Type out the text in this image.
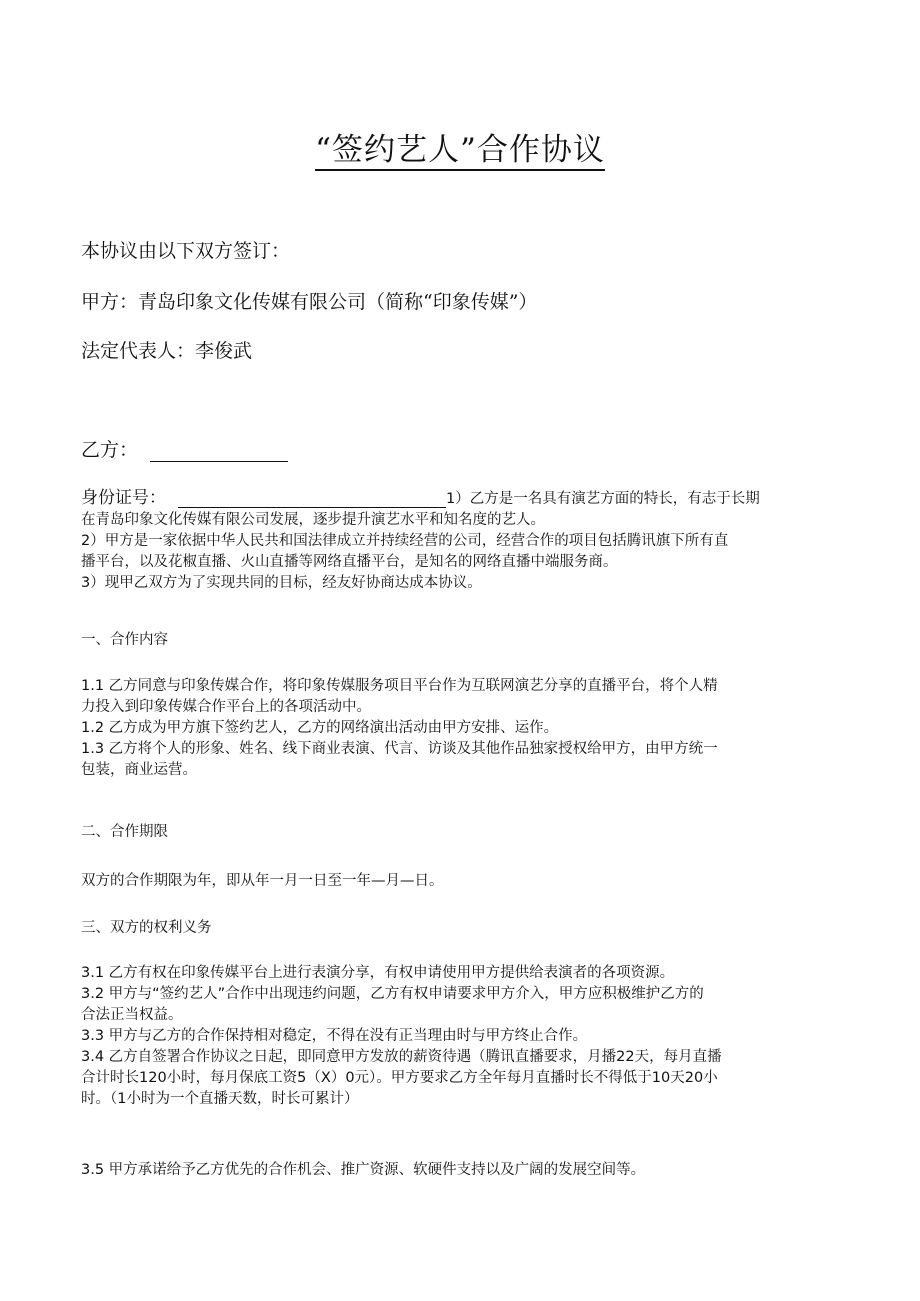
“签约艺人”合作协议
本协议由以下双方签订：
甲方：青岛印象文化传媒有限公司（简称“印象传媒”）
法定代表人：李俊武
乙方：
身份证号：	1）乙方是一名具有演艺方面的特长，有志于长期
在青岛印象文化传媒有限公司发展，逐步提升演艺水平和知名度的艺人。
2）甲方是一家依据中华人民共和国法律成立并持续经营的公司，经营合作的项目包括腾讯旗下所有直
播平台，以及花椒直播、火山直播等网络直播平台，是知名的网络直播中端服务商。
3）现甲乙双方为了实现共同的目标，经友好协商达成本协议。
一、合作内容
1.1 乙方同意与印象传媒合作，将印象传媒服务项目平台作为互联网演艺分享的直播平台，将个人精
力投入到印象传媒合作平台上的各项活动中。
1.2 乙方成为甲方旗下签约艺人，乙方的网络演出活动由甲方安排、运作。
1.3 乙方将个人的形象、姓名、线下商业表演、代言、访谈及其他作品独家授权给甲方，由甲方统一
包装，商业运营。
二、合作期限
双方的合作期限为年，即从年一月一日至一年—月—日。
三、双方的权利义务
3.1 乙方有权在印象传媒平台上进行表演分享，有权申请使用甲方提供给表演者的各项资源。
3.2 甲方与“签约艺人”合作中出现违约问题，乙方有权申请要求甲方介入，甲方应积极维护乙方的
合法正当权益。
3.3 甲方与乙方的合作保持相对稳定，不得在没有正当理由时与甲方终止合作。
3.4 乙方自签署合作协议之日起，即同意甲方发放的薪资待遇（腾讯直播要求，月播22天，每月直播
合计时长120小时，每月保底工资5（X）0元）。甲方要求乙方全年每月直播时长不得低于10天20小
时。（1小时为一个直播天数，时长可累计）
3.5 甲方承诺给予乙方优先的合作机会、推广资源、软硬件支持以及广阔的发展空间等。
